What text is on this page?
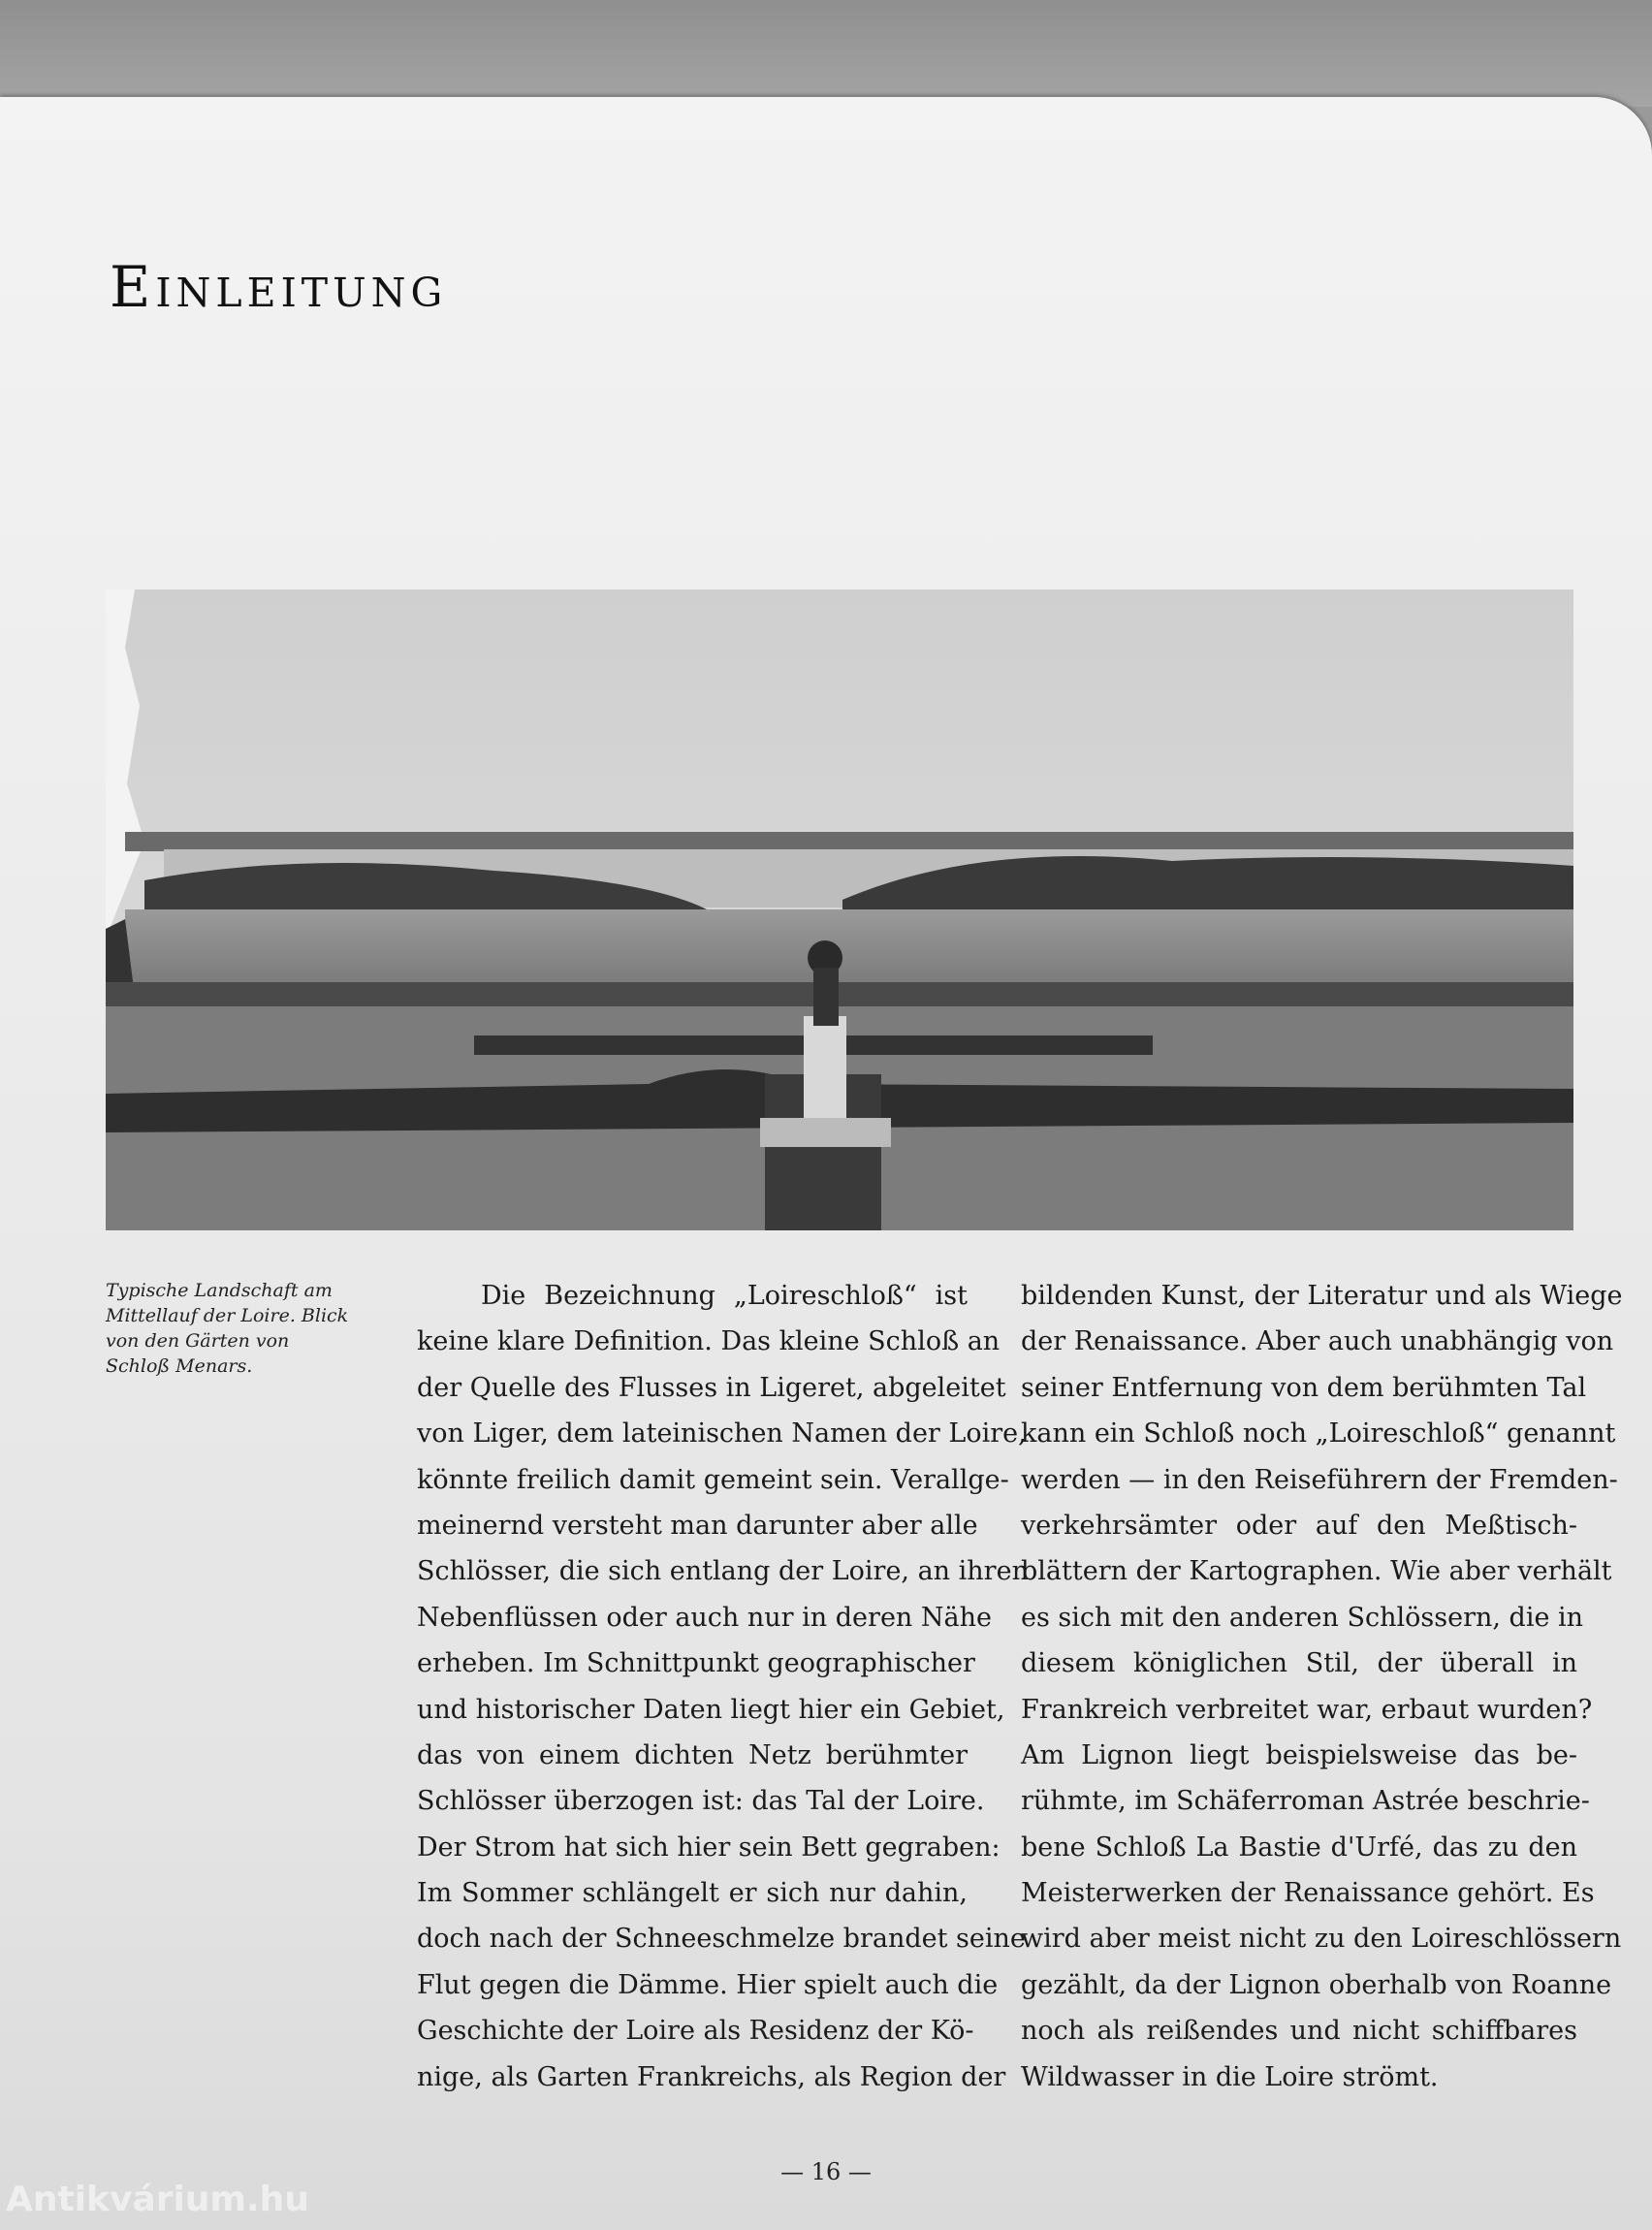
Einleitung
Typische Landschaft am
Mittellauf der Loire. Blick
von den Gärten von
Schloß Menars.
Die Bezeichnung „Loireschloß“ ist
keine klare Definition. Das kleine Schloß an
der Quelle des Flusses in Ligeret, abgeleitet
von Liger, dem lateinischen Namen der Loire,
könnte freilich damit gemeint sein. Verallge-
meinernd versteht man darunter aber alle
Schlösser, die sich entlang der Loire, an ihren
Nebenflüssen oder auch nur in deren Nähe
erheben. Im Schnittpunkt geographischer
und historischer Daten liegt hier ein Gebiet,
das von einem dichten Netz berühmter
Schlösser überzogen ist: das Tal der Loire.
Der Strom hat sich hier sein Bett gegraben:
Im Sommer schlängelt er sich nur dahin,
doch nach der Schneeschmelze brandet seine
Flut gegen die Dämme. Hier spielt auch die
Geschichte der Loire als Residenz der Kö-
nige, als Garten Frankreichs, als Region der
bildenden Kunst, der Literatur und als Wiege
der Renaissance. Aber auch unabhängig von
seiner Entfernung von dem berühmten Tal
kann ein Schloß noch „Loireschloß“ genannt
werden — in den Reiseführern der Fremden-
verkehrsämter oder auf den Meßtisch-
blättern der Kartographen. Wie aber verhält
es sich mit den anderen Schlössern, die in
diesem königlichen Stil, der überall in
Frankreich verbreitet war, erbaut wurden?
Am Lignon liegt beispielsweise das be-
rühmte, im Schäferroman Astrée beschrie-
bene Schloß La Bastie d'Urfé, das zu den
Meisterwerken der Renaissance gehört. Es
wird aber meist nicht zu den Loireschlössern
gezählt, da der Lignon oberhalb von Roanne
noch als reißendes und nicht schiffbares
Wildwasser in die Loire strömt.
— 16 —
Antikvárium.hu
